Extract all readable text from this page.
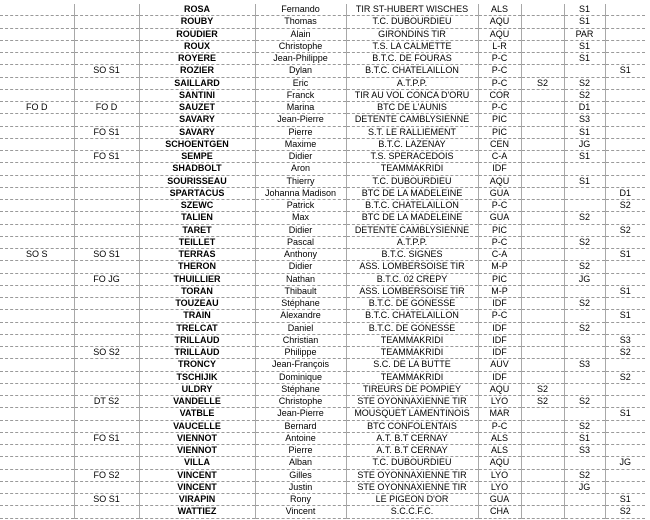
		ROSA	Fernando	TIR ST-HUBERT WISCHES	ALS		S1	
		ROUBY	Thomas	T.C. DUBOURDIEU	AQU		S1	
		ROUDIER	Alain	GIRONDINS TIR	AQU		PAR	
		ROUX	Christophe	T.S. LA CALMETTE	L-R		S1	
		ROYERE	Jean-Philippe	B.T.C. DE FOURAS	P-C		S1	
	SO S1	ROZIER	Dylan	B.T.C. CHATELAILLON	P-C			S1
		SAILLARD	Eric	A.T.P.P.	P-C	S2	S2	
		SANTINI	Franck	TIR AU VOL CONCA D'ORU	COR		S2	
FO D	FO D	SAUZET	Marina	BTC DE L'AUNIS	P-C		D1	
		SAVARY	Jean-Pierre	DETENTE CAMBLYSIENNE	PIC		S3	
	FO S1	SAVARY	Pierre	S.T. LE RALLIEMENT	PIC		S1	
		SCHOENTGEN	Maxime	B.T.C. LAZENAY	CEN		JG	
	FO S1	SEMPE	Didier	T.S. SPERACEDOIS	C-A		S1	
		SHADBOLT	Aron	TEAMMAKRIDI	IDF			
		SOURISSEAU	Thierry	T.C. DUBOURDIEU	AQU		S1	
		SPARTACUS	Johanna Madison	BTC DE LA MADELEINE	GUA			D1
		SZEWC	Patrick	B.T.C. CHATELAILLON	P-C			S2
		TALIEN	Max	BTC DE LA MADELEINE	GUA		S2	
		TARET	Didier	DETENTE CAMBLYSIENNE	PIC			S2
		TEILLET	Pascal	A.T.P.P.	P-C		S2	
SO S	SO S1	TERRAS	Anthony	B.T.C. SIGNES	C-A			S1
		THERON	Didier	ASS. LOMBERSOISE TIR	M-P		S2	
	FO JG	THUILLIER	Nathan	B.T.C. 02 CREPY	PIC		JG	
		TORAN	Thibault	ASS. LOMBERSOISE TIR	M-P			S1
		TOUZEAU	Stéphane	B.T.C. DE GONESSE	IDF		S2	
		TRAIN	Alexandre	B.T.C. CHATELAILLON	P-C			S1
		TRELCAT	Daniel	B.T.C. DE GONESSE	IDF		S2	
		TRILLAUD	Christian	TEAMMAKRIDI	IDF			S3
	SO S2	TRILLAUD	Philippe	TEAMMAKRIDI	IDF			S2
		TRONCY	Jean-François	S.C. DE LA BUTTE	AUV		S3	
		TSCHIJIK	Dominique	TEAMMAKRIDI	IDF			S2
		ULDRY	Stéphane	TIREURS DE POMPIEY	AQU	S2		
	DT S2	VANDELLE	Christophe	STE OYONNAXIENNE TIR	LYO	S2	S2	
		VATBLE	Jean-Pierre	MOUSQUET LAMENTINOIS	MAR			S1
		VAUCELLE	Bernard	BTC CONFOLENTAIS	P-C		S2	
	FO S1	VIENNOT	Antoine	A.T. B.T CERNAY	ALS		S1	
		VIENNOT	Pierre	A.T. B.T CERNAY	ALS		S3	
		VILLA	Alban	T.C. DUBOURDIEU	AQU			JG
	FO S2	VINCENT	Gilles	STE OYONNAXIENNE TIR	LYO		S2	
		VINCENT	Justin	STE OYONNAXIENNE TIR	LYO		JG	
	SO S1	VIRAPIN	Rony	LE PIGEON D'OR	GUA			S1
		WATTIEZ	Vincent	S.C.C.F.C.	CHA			S2
